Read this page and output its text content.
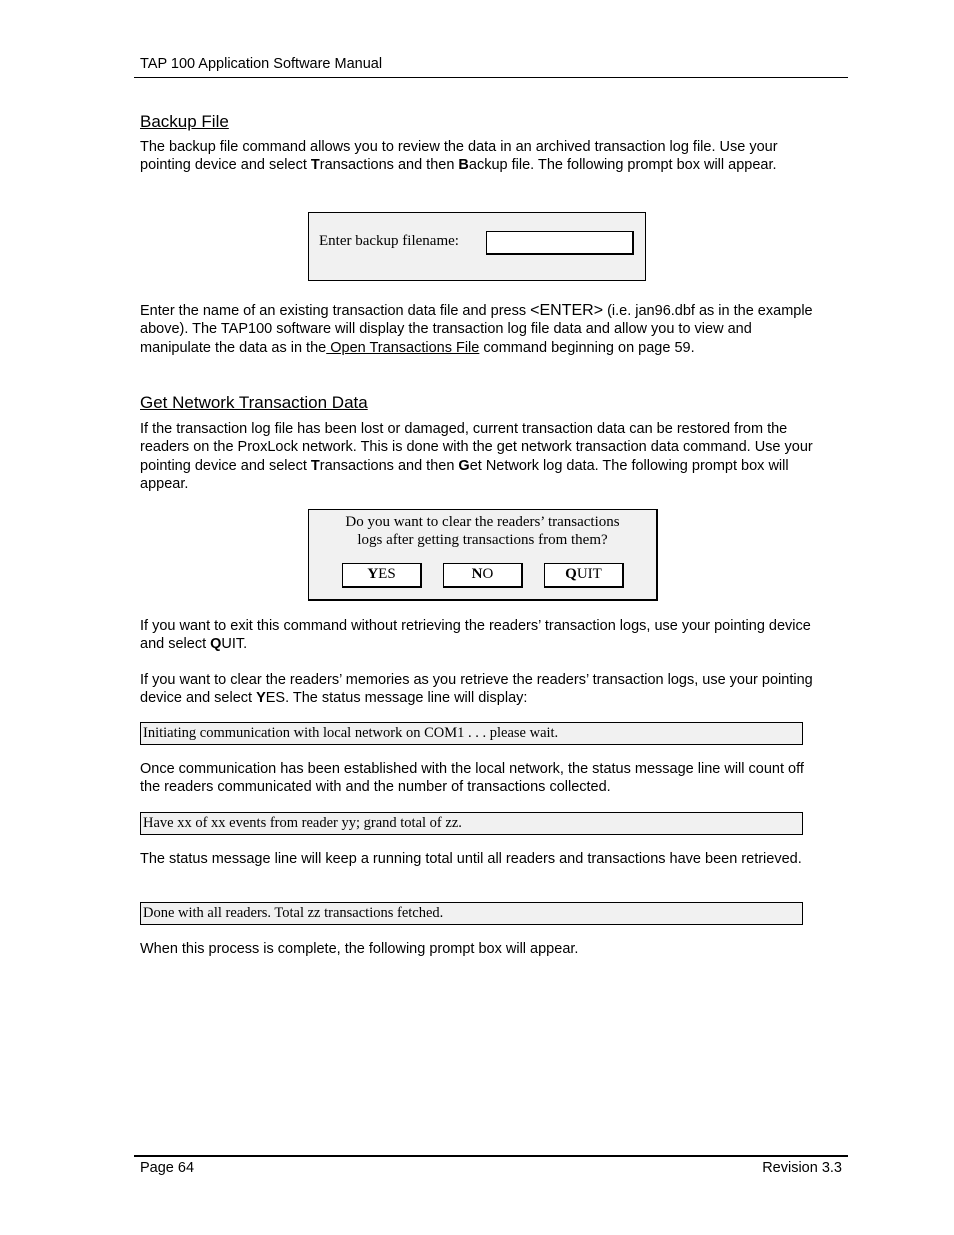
TAP 100 Application Software Manual
Backup File
The backup file command allows you to review the data in an archived transaction log file. Use your pointing device and select Transactions and then Backup file. The following prompt box will appear.
Enter backup filename:
Enter the name of an existing transaction data file and press <ENTER> (i.e. jan96.dbf as in the example above). The TAP100 software will display the transaction log file data and allow you to view and manipulate the data as in the Open Transactions File command beginning on page 59.
Get Network Transaction Data
If the transaction log file has been lost or damaged, current transaction data can be restored from the readers on the ProxLock network. This is done with the get network transaction data command. Use your pointing device and select Transactions and then Get Network log data. The following prompt box will appear.
Do you want to clear the readers’ transactions
logs after getting transactions from them?
YES	NO	QUIT
If you want to exit this command without retrieving the readers’ transaction logs, use your pointing device and select QUIT.
If you want to clear the readers’ memories as you retrieve the readers’ transaction logs, use your pointing device and select YES. The status message line will display:
Initiating communication with local network on COM1 . . . please wait.
Once communication has been established with the local network, the status message line will count off the readers communicated with and the number of transactions collected.
Have xx of xx events from reader yy; grand total of zz.
The status message line will keep a running total until all readers and transactions have been retrieved.
Done with all readers. Total zz transactions fetched.
When this process is complete, the following prompt box will appear.
Page 64	Revision 3.3
